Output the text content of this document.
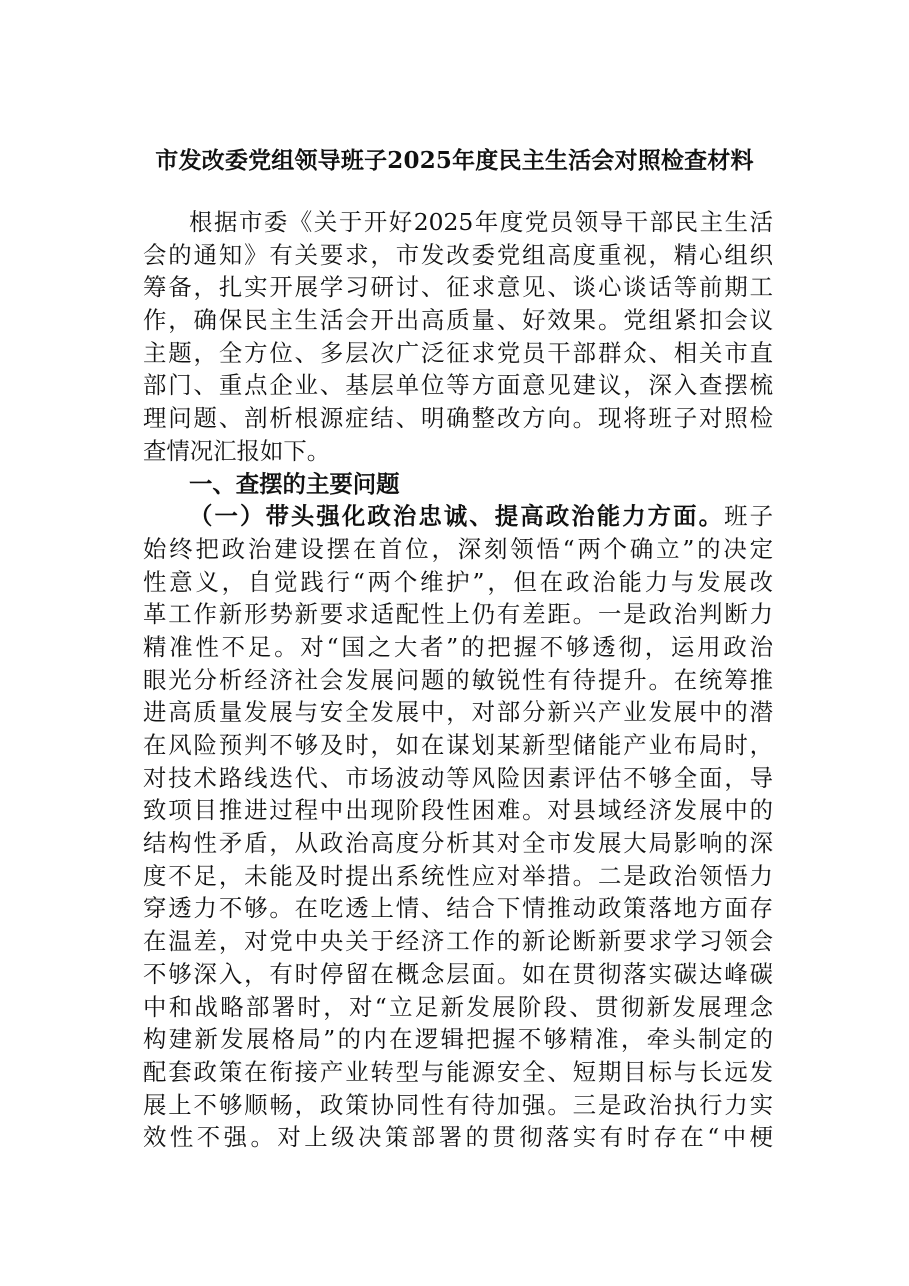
市发改委党组领导班子2025年度民主生活会对照检查材料
根据市委《关于开好2025年度党员领导干部民主生活
会的通知》有关要求，市发改委党组高度重视，精心组织
筹备，扎实开展学习研讨、征求意见、谈心谈话等前期工
作，确保民主生活会开出高质量、好效果。党组紧扣会议
主题，全方位、多层次广泛征求党员干部群众、相关市直
部门、重点企业、基层单位等方面意见建议，深入查摆梳
理问题、剖析根源症结、明确整改方向。现将班子对照检
查情况汇报如下。
一、查摆的主要问题
（一）带头强化政治忠诚、提高政治能力方面。班子
始终把政治建设摆在首位，深刻领悟“两个确立”的决定
性意义，自觉践行“两个维护”，但在政治能力与发展改
革工作新形势新要求适配性上仍有差距。一是政治判断力
精准性不足。对“国之大者”的把握不够透彻，运用政治
眼光分析经济社会发展问题的敏锐性有待提升。在统筹推
进高质量发展与安全发展中，对部分新兴产业发展中的潜
在风险预判不够及时，如在谋划某新型储能产业布局时，
对技术路线迭代、市场波动等风险因素评估不够全面，导
致项目推进过程中出现阶段性困难。对县域经济发展中的
结构性矛盾，从政治高度分析其对全市发展大局影响的深
度不足，未能及时提出系统性应对举措。二是政治领悟力
穿透力不够。在吃透上情、结合下情推动政策落地方面存
在温差，对党中央关于经济工作的新论断新要求学习领会
不够深入，有时停留在概念层面。如在贯彻落实碳达峰碳
中和战略部署时，对“立足新发展阶段、贯彻新发展理念
构建新发展格局”的内在逻辑把握不够精准，牵头制定的
配套政策在衔接产业转型与能源安全、短期目标与长远发
展上不够顺畅，政策协同性有待加强。三是政治执行力实
效性不强。对上级决策部署的贯彻落实有时存在“中梗
